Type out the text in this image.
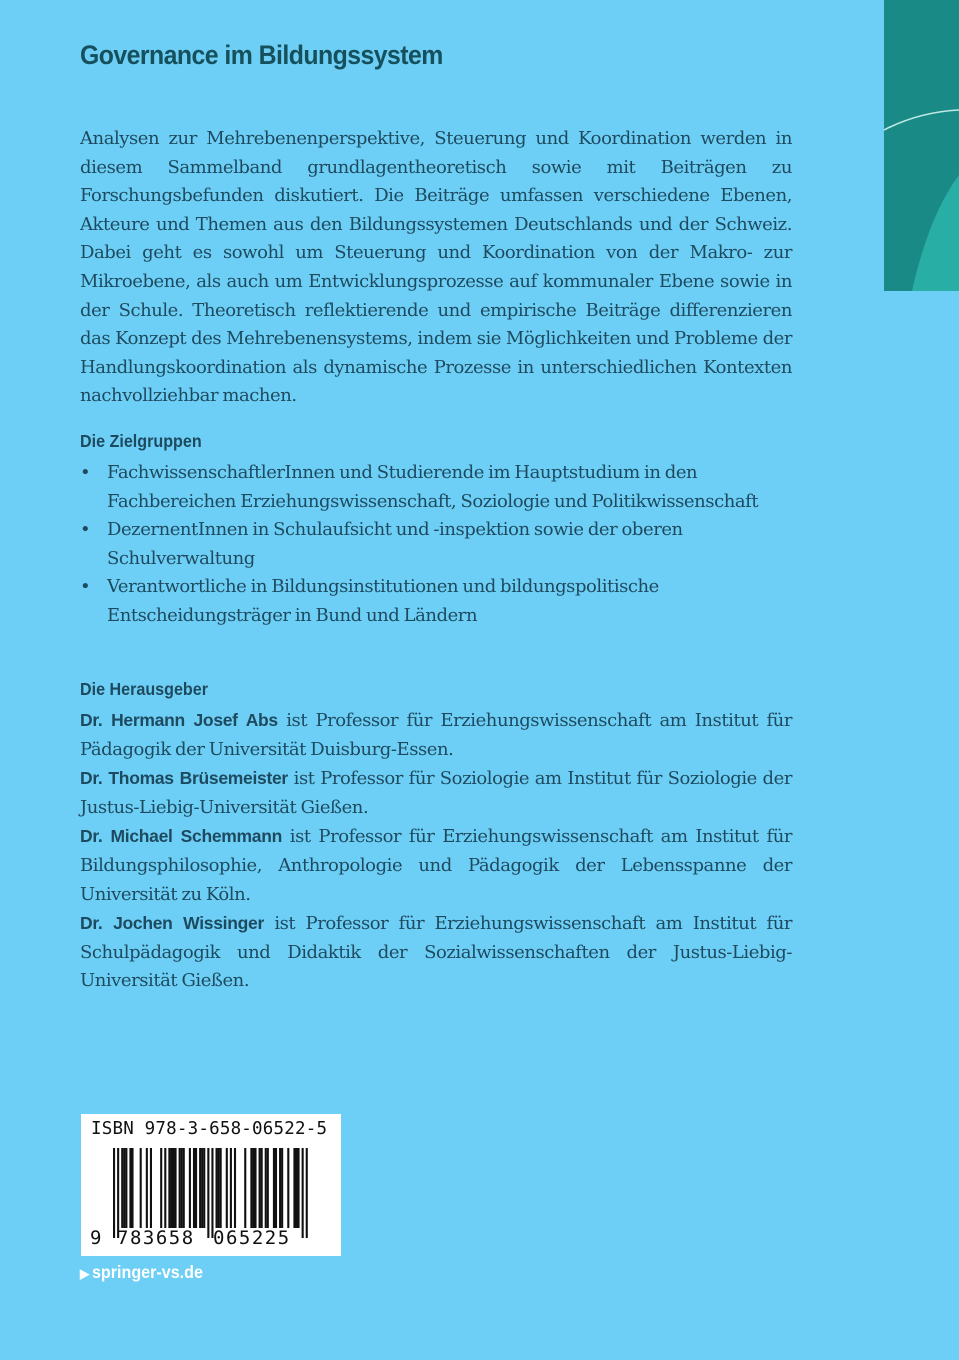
Governance im Bildungssystem

Analysen zur Mehrebenenperspektive, Steuerung und Koordination werden in diesem Sammelband grundlagentheoretisch sowie mit Beiträgen zu Forschungsbefunden diskutiert. Die Beiträge umfassen verschiedene Ebenen, Akteure und Themen aus den Bildungssystemen Deutschlands und der Schweiz. Dabei geht es sowohl um Steuerung und Koordination von der Makro- zur Mikroebene, als auch um Entwicklungsprozesse auf kommunaler Ebene sowie in der Schule. Theoretisch reflektierende und empirische Beiträge differenzieren das Konzept des Mehrebenensystems, indem sie Möglichkeiten und Probleme der Handlungskoordination als dynamische Prozesse in unterschiedlichen Kontexten nachvollziehbar machen.

Die Zielgruppen
• FachwissenschaftlerInnen und Studierende im Hauptstudium in den Fachbereichen Erziehungswissenschaft, Soziologie und Politikwissenschaft
• DezernentInnen in Schulaufsicht und -inspektion sowie der oberen Schulverwaltung
• Verantwortliche in Bildungsinstitutionen und bildungspolitische Entscheidungsträger in Bund und Ländern
Die Herausgeber

Dr. Hermann Josef Abs ist Professor für Erziehungswissenschaft am Institut für Pädagogik der Universität Duisburg-Essen.

Dr. Thomas Brüsemeister ist Professor für Soziologie am Institut für Soziologie der Justus-Liebig-Universität Gießen.

Dr. Michael Schemmann ist Professor für Erziehungswissenschaft am Institut für Bildungsphilosophie, Anthropologie und Pädagogik der Lebensspanne der Universität zu Köln.

Dr. Jochen Wissinger ist Professor für Erziehungswissenschaft am Institut für Schulpädagogik und Didaktik der Sozialwissenschaften der Justus-Liebig-Universität Gießen.

ISBN 978-3-658-06522-5
9 783658 065225
▶ springer-vs.de
